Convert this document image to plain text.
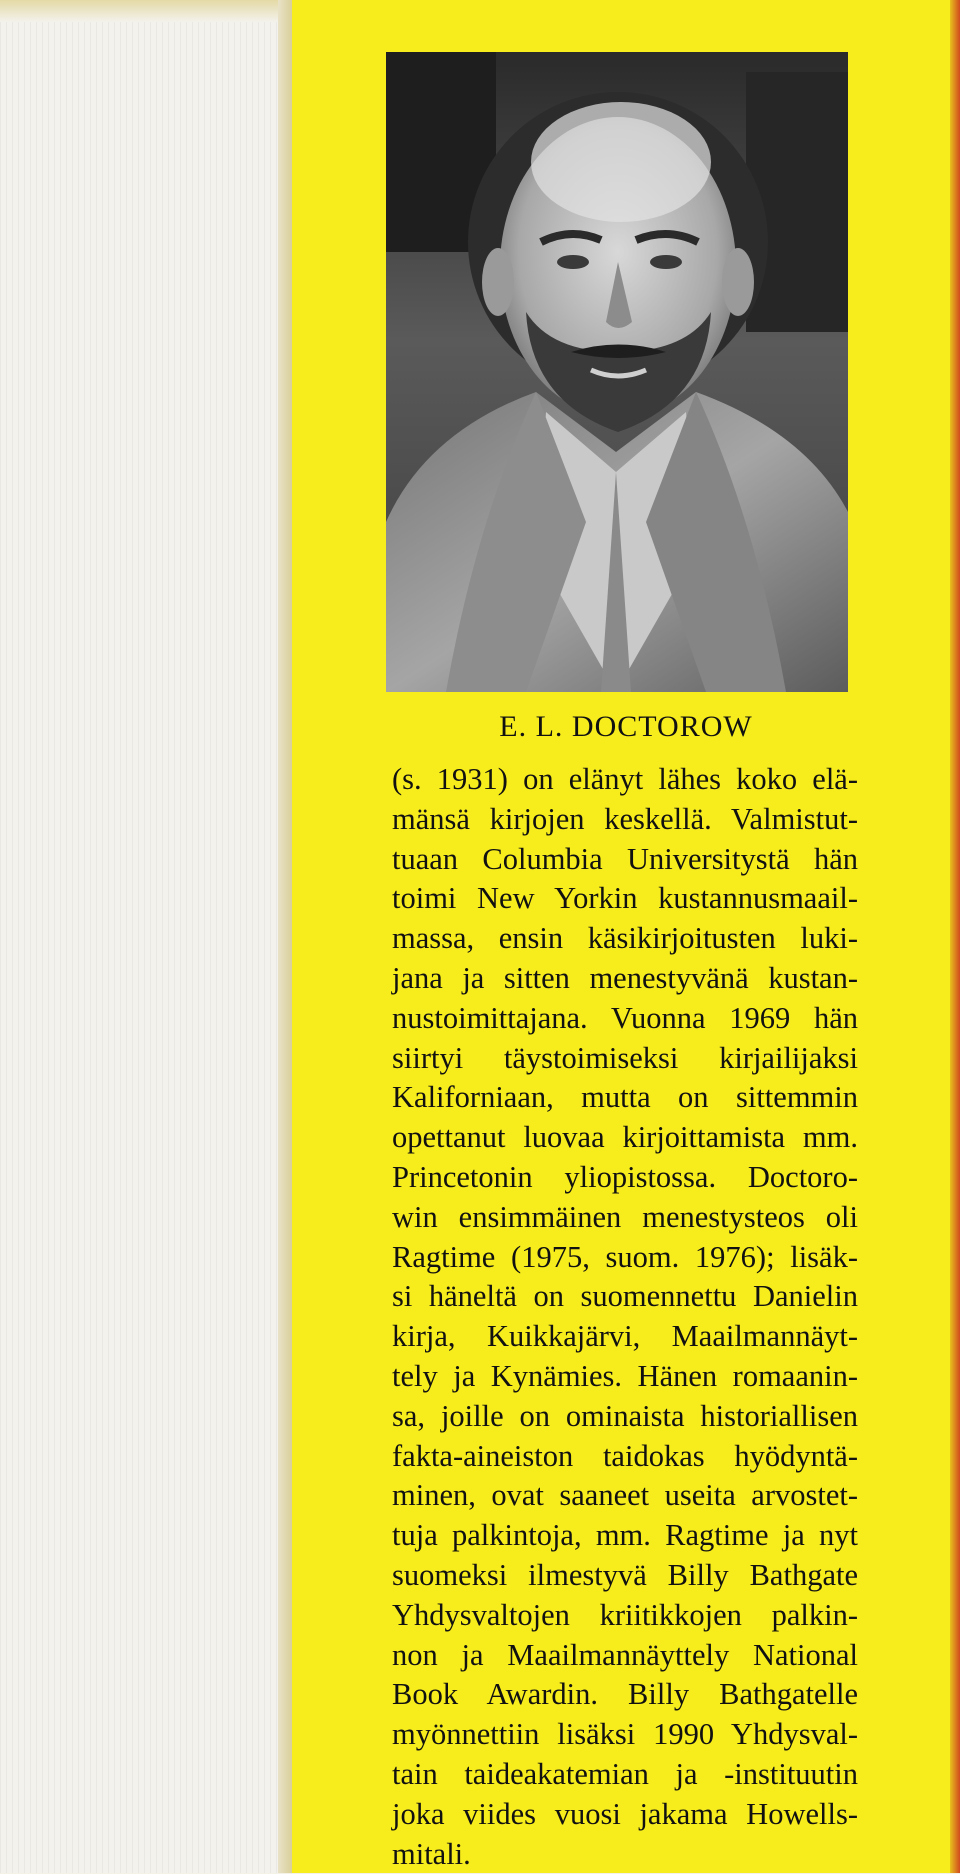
E. L. DOCTOROW
(s. 1931) on elänyt lähes koko elä-
mänsä kirjojen keskellä. Valmistut-
tuaan Columbia Universitystä hän
toimi New Yorkin kustannusmaail-
massa, ensin käsikirjoitusten luki-
jana ja sitten menestyvänä kustan-
nustoimittajana. Vuonna 1969 hän
siirtyi täystoimiseksi kirjailijaksi
Kaliforniaan, mutta on sittemmin
opettanut luovaa kirjoittamista mm.
Princetonin yliopistossa. Doctoro-
win ensimmäinen menestysteos oli
Ragtime (1975, suom. 1976); lisäk-
si häneltä on suomennettu Danielin
kirja, Kuikkajärvi, Maailmannäyt-
tely ja Kynämies. Hänen romaanin-
sa, joille on ominaista historiallisen
fakta-aineiston taidokas hyödyntä-
minen, ovat saaneet useita arvostet-
tuja palkintoja, mm. Ragtime ja nyt
suomeksi ilmestyvä Billy Bathgate
Yhdysvaltojen kriitikkojen palkin-
non ja Maailmannäyttely National
Book Awardin. Billy Bathgatelle
myönnettiin lisäksi 1990 Yhdysval-
tain taideakatemian ja -instituutin
joka viides vuosi jakama Howells-
mitali.
